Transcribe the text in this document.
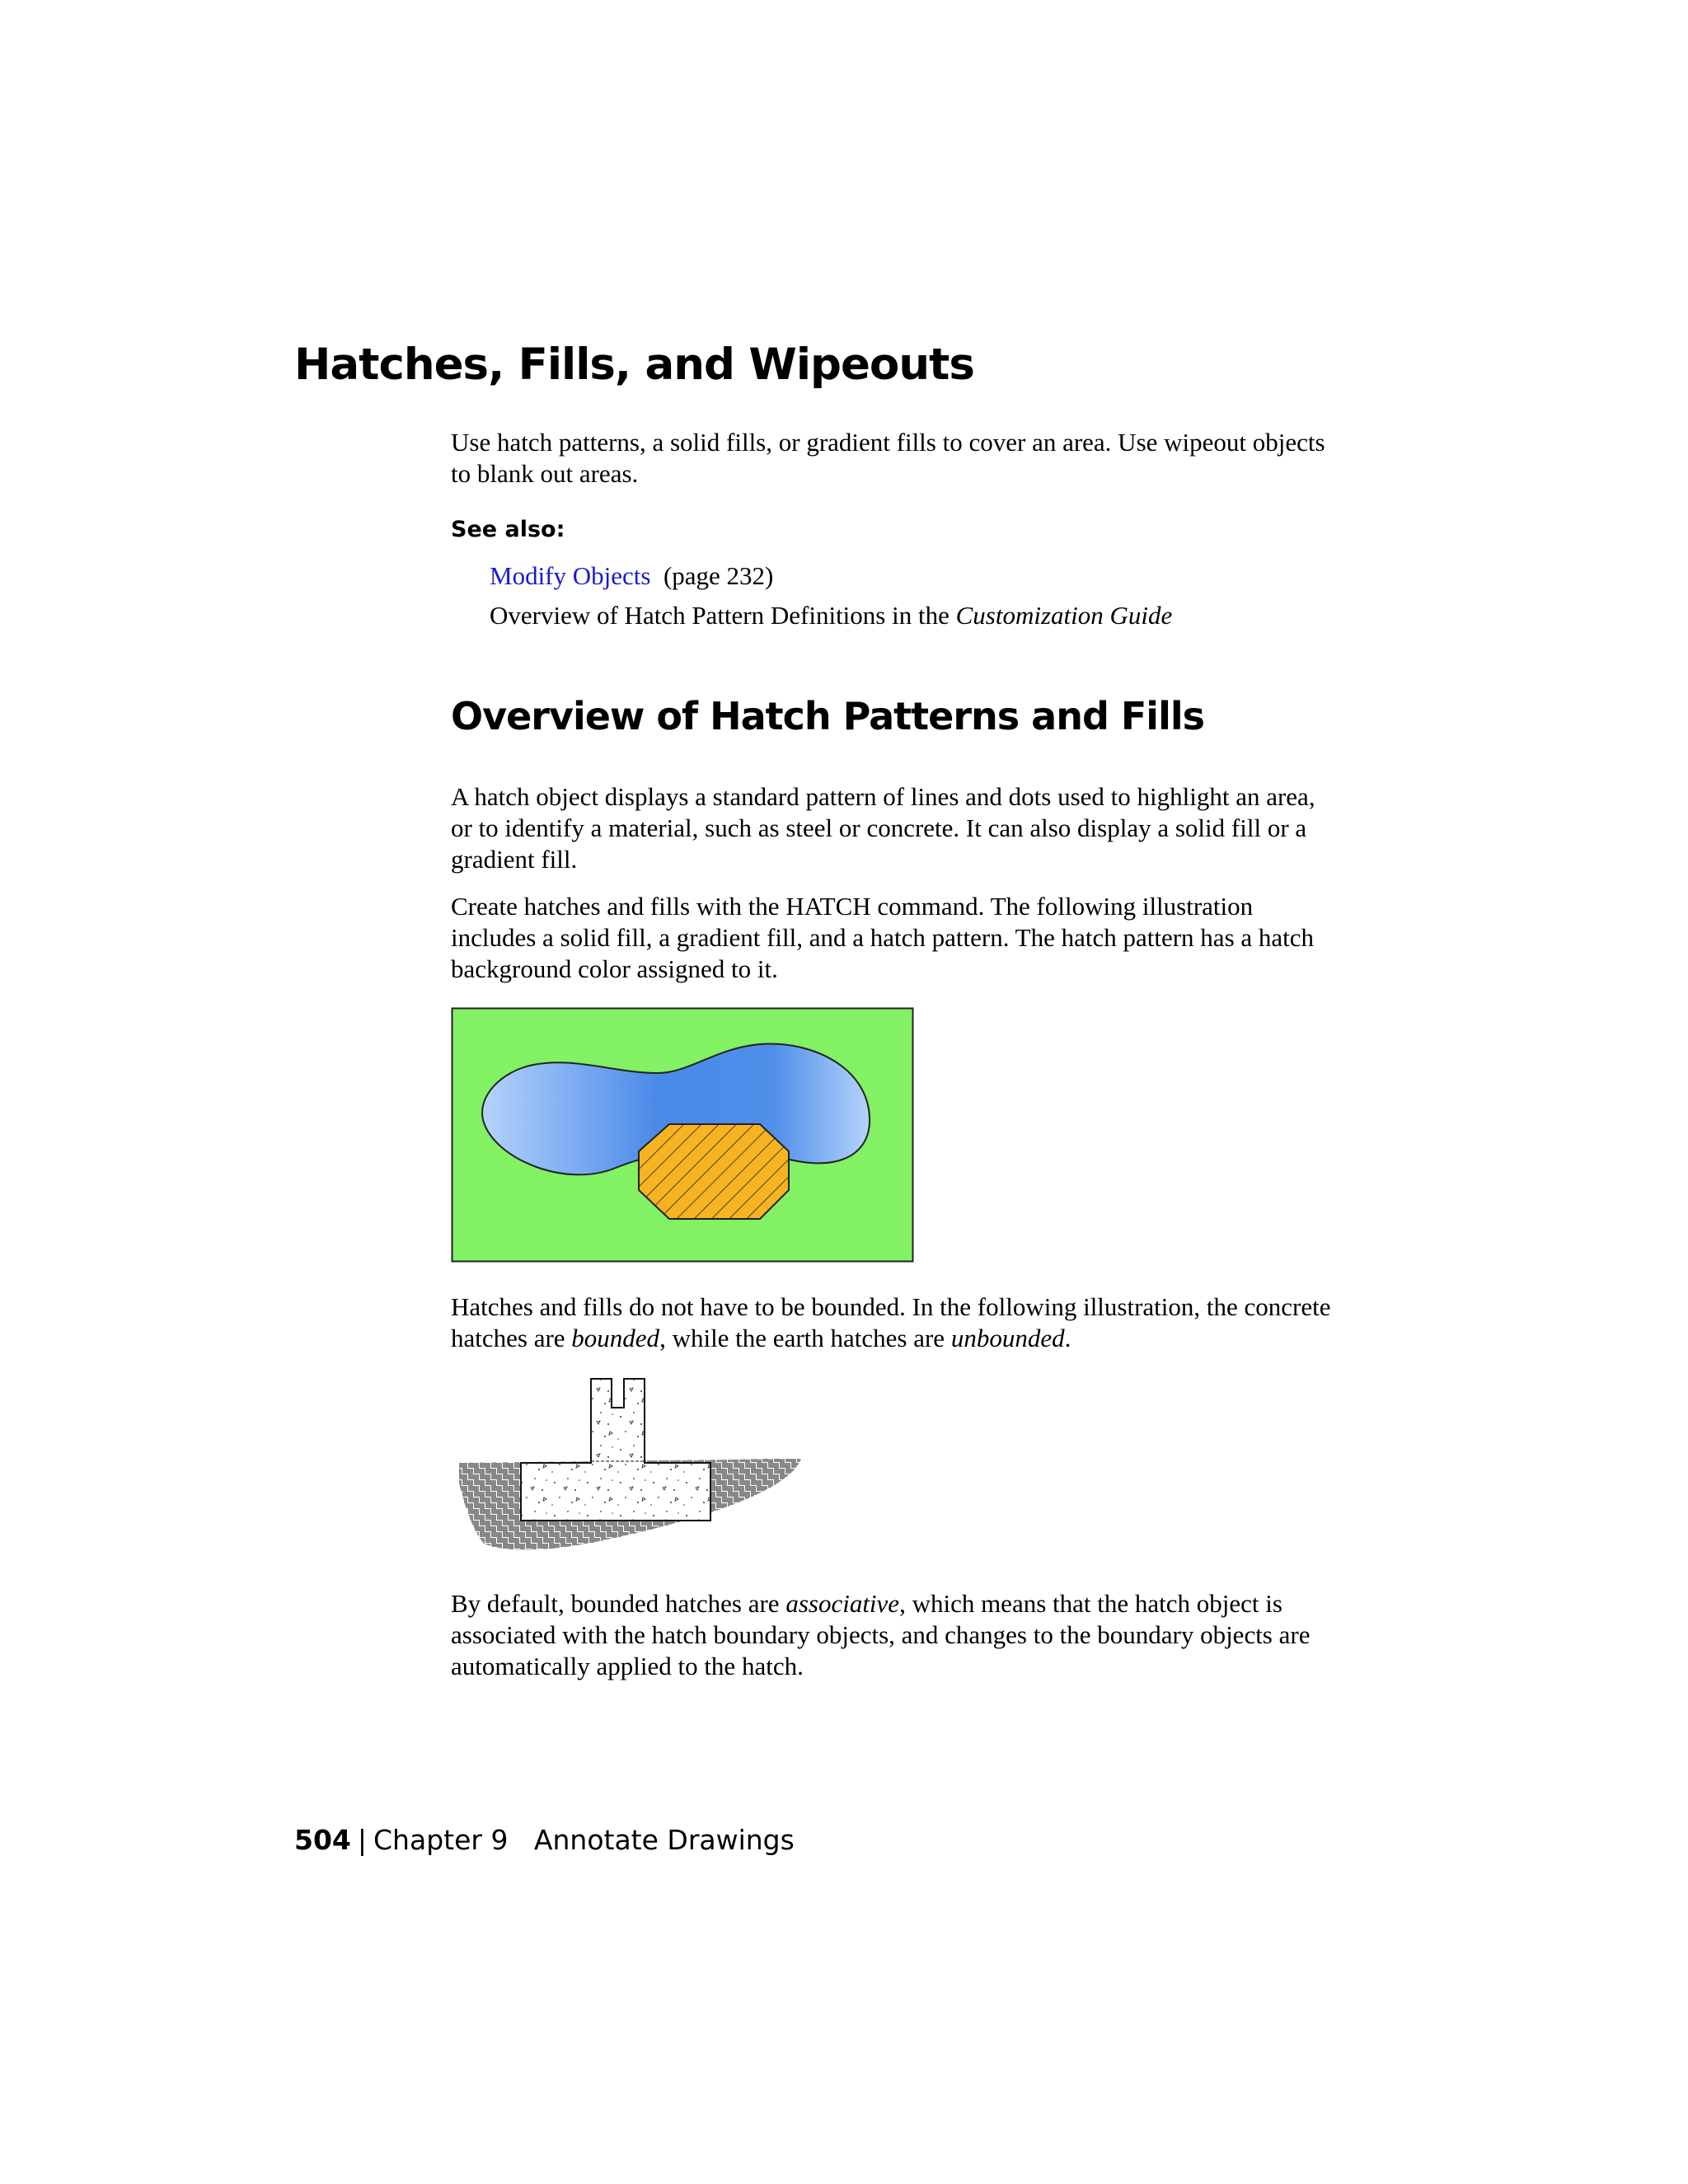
Hatches, Fills, and Wipeouts

Use hatch patterns, a solid fills, or gradient fills to cover an area. Use wipeout objects to blank out areas.

See also:

Modify Objects (page 232)

Overview of Hatch Pattern Definitions in the Customization Guide

Overview of Hatch Patterns and Fills

A hatch object displays a standard pattern of lines and dots used to highlight an area, or to identify a material, such as steel or concrete. It can also display a solid fill or a gradient fill.

Create hatches and fills with the HATCH command. The following illustration includes a solid fill, a gradient fill, and a hatch pattern. The hatch pattern has a hatch background color assigned to it.

Hatches and fills do not have to be bounded. In the following illustration, the concrete hatches are bounded, while the earth hatches are unbounded.

By default, bounded hatches are associative, which means that the hatch object is associated with the hatch boundary objects, and changes to the boundary objects are automatically applied to the hatch.

504 | Chapter 9 Annotate Drawings
